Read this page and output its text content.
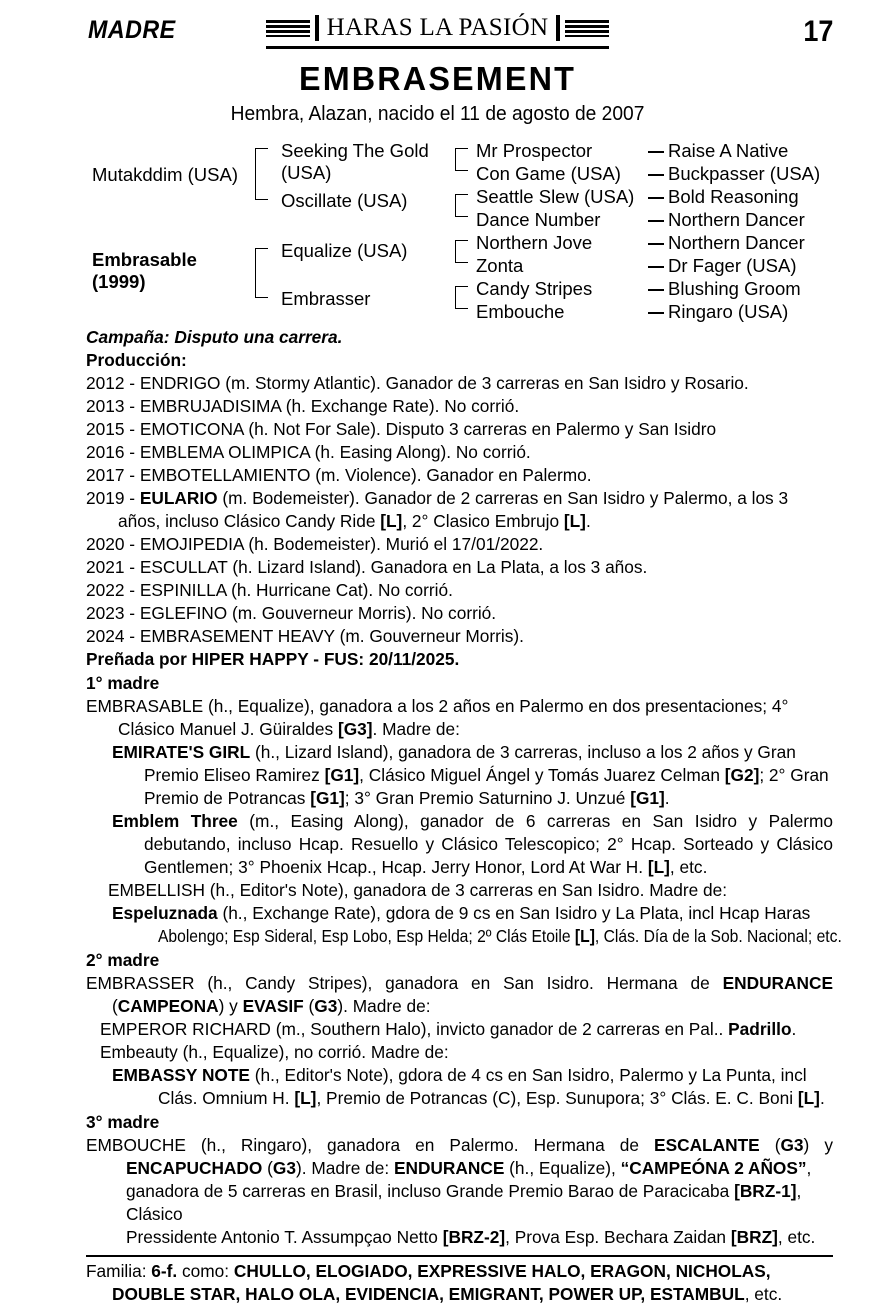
MADRE	HARAS LA PASIÓN	17
EMBRASEMENT
Hembra, Alazan, nacido el 11 de agosto de 2007
Mutakddim (USA)
Embrasable
(1999)
Seeking The Gold (USA)
Oscillate (USA)
Equalize (USA)
Embrasser
Mr Prospector
Con Game (USA)
Seattle Slew (USA)
Dance Number
Northern Jove
Zonta
Candy Stripes
Embouche
Raise A Native
Buckpasser (USA)
Bold Reasoning
Northern Dancer
Northern Dancer
Dr Fager (USA)
Blushing Groom
Ringaro (USA)

Campaña: Disputo una carrera.

Producción:

2012 - ENDRIGO (m. Stormy Atlantic). Ganador de 3 carreras en San Isidro y Rosario.

2013 - EMBRUJADISIMA (h. Exchange Rate). No corrió.

2015 - EMOTICONA (h. Not For Sale). Disputo 3 carreras en Palermo y San Isidro

2016 - EMBLEMA OLIMPICA (h. Easing Along). No corrió.

2017 - EMBOTELLAMIENTO (m. Violence). Ganador en Palermo.

2019 - EULARIO (m. Bodemeister). Ganador de 2 carreras en San Isidro y Palermo, a los 3 años, incluso Clásico Candy Ride [L], 2° Clasico Embrujo [L].

2020 - EMOJIPEDIA (h. Bodemeister). Murió el 17/01/2022.

2021 - ESCULLAT (h. Lizard Island). Ganadora en La Plata, a los 3 años.

2022 - ESPINILLA (h. Hurricane Cat). No corrió.

2023 - EGLEFINO (m. Gouverneur Morris). No corrió.

2024 - EMBRASEMENT HEAVY (m. Gouverneur Morris).

Preñada por HIPER HAPPY - FUS: 20/11/2025.

1° madre

EMBRASABLE (h., Equalize), ganadora a los 2 años en Palermo en dos presentaciones; 4° Clásico Manuel J. Güiraldes [G3]. Madre de:

EMIRATE'S GIRL (h., Lizard Island), ganadora de 3 carreras, incluso a los 2 años y Gran Premio Eliseo Ramirez [G1], Clásico Miguel Ángel y Tomás Juarez Celman [G2]; 2° Gran Premio de Potrancas [G1]; 3° Gran Premio Saturnino J. Unzué [G1].

Emblem Three (m., Easing Along), ganador de 6 carreras en San Isidro y Palermo debutando, incluso Hcap. Resuello y Clásico Telescopico; 2° Hcap. Sorteado y Clásico Gentlemen; 3° Phoenix Hcap., Hcap. Jerry Honor, Lord At War H. [L], etc.

EMBELLISH (h., Editor's Note), ganadora de 3 carreras en San Isidro. Madre de:

Espeluznada (h., Exchange Rate), gdora de 9 cs en San Isidro y La Plata, incl Hcap Haras

Abolengo; Esp Sideral, Esp Lobo, Esp Helda; 2º Clás Etoile [L], Clás. Día de la Sob. Nacional; etc.

2° madre

EMBRASSER (h., Candy Stripes), ganadora en San Isidro. Hermana de ENDURANCE

(CAMPEONA) y EVASIF (G3). Madre de:

EMPEROR RICHARD (m., Southern Halo), invicto ganador de 2 carreras en Pal.. Padrillo.

Embeauty (h., Equalize), no corrió. Madre de:

EMBASSY NOTE (h., Editor's Note), gdora de 4 cs en San Isidro, Palermo y La Punta, incl Clás. Omnium H. [L], Premio de Potrancas (C), Esp. Sunupora; 3° Clás. E. C. Boni [L].

3° madre

EMBOUCHE (h., Ringaro), ganadora en Palermo. Hermana de ESCALANTE (G3) y

ENCAPUCHADO (G3). Madre de: ENDURANCE (h., Equalize), “CAMPEÓNA 2 AÑOS”,

ganadora de 5 carreras en Brasil, incluso Grande Premio Barao de Paracicaba [BRZ-1], Clásico

Pressidente Antonio T. Assumpçao Netto [BRZ-2], Prova Esp. Bechara Zaidan [BRZ], etc.

Familia: 6-f. como: CHULLO, ELOGIADO, EXPRESSIVE HALO, ERAGON, NICHOLAS,

DOUBLE STAR, HALO OLA, EVIDENCIA, EMIGRANT, POWER UP, ESTAMBUL, etc.
